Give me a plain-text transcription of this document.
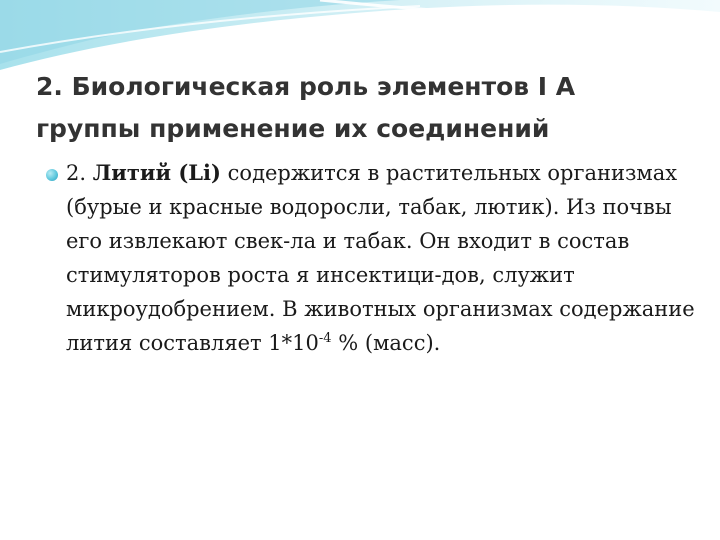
2. Биологическая роль элементов I А
группы применение их соединений
2. Литий (Li) содержится в растительных организмах (бурые и красные водоросли, табак, лютик). Из почвы его извлекают свек-ла и табак. Он входит в состав стимуляторов роста я инсектици-дов, служит микроудобрением. В животных организмах содержание лития составляет $1*10^{-4}$ % (масс).
